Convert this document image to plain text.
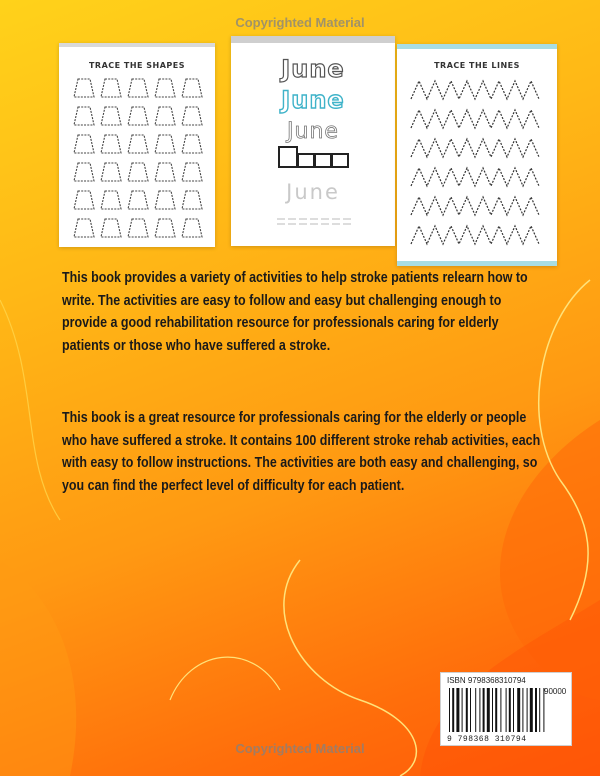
Copyrighted Material
TRACE THE SHAPES	June
June
June
June
TRACE THE LINES
This book provides a variety of activities to help stroke patients relearn how to write. The activities are easy to follow and easy but challenging enough to provide a good rehabilitation resource for professionals caring for elderly patients or those who have suffered a stroke.
This book is a great resource for professionals caring for the elderly or people who have suffered a stroke. It contains 100 different stroke rehab activities, each with easy to follow instructions. The activities are both easy and challenging, so you can find the perfect level of difficulty for each patient.
ISBN 9798368310794
90000
9 798368 310794
Copyrighted Material
